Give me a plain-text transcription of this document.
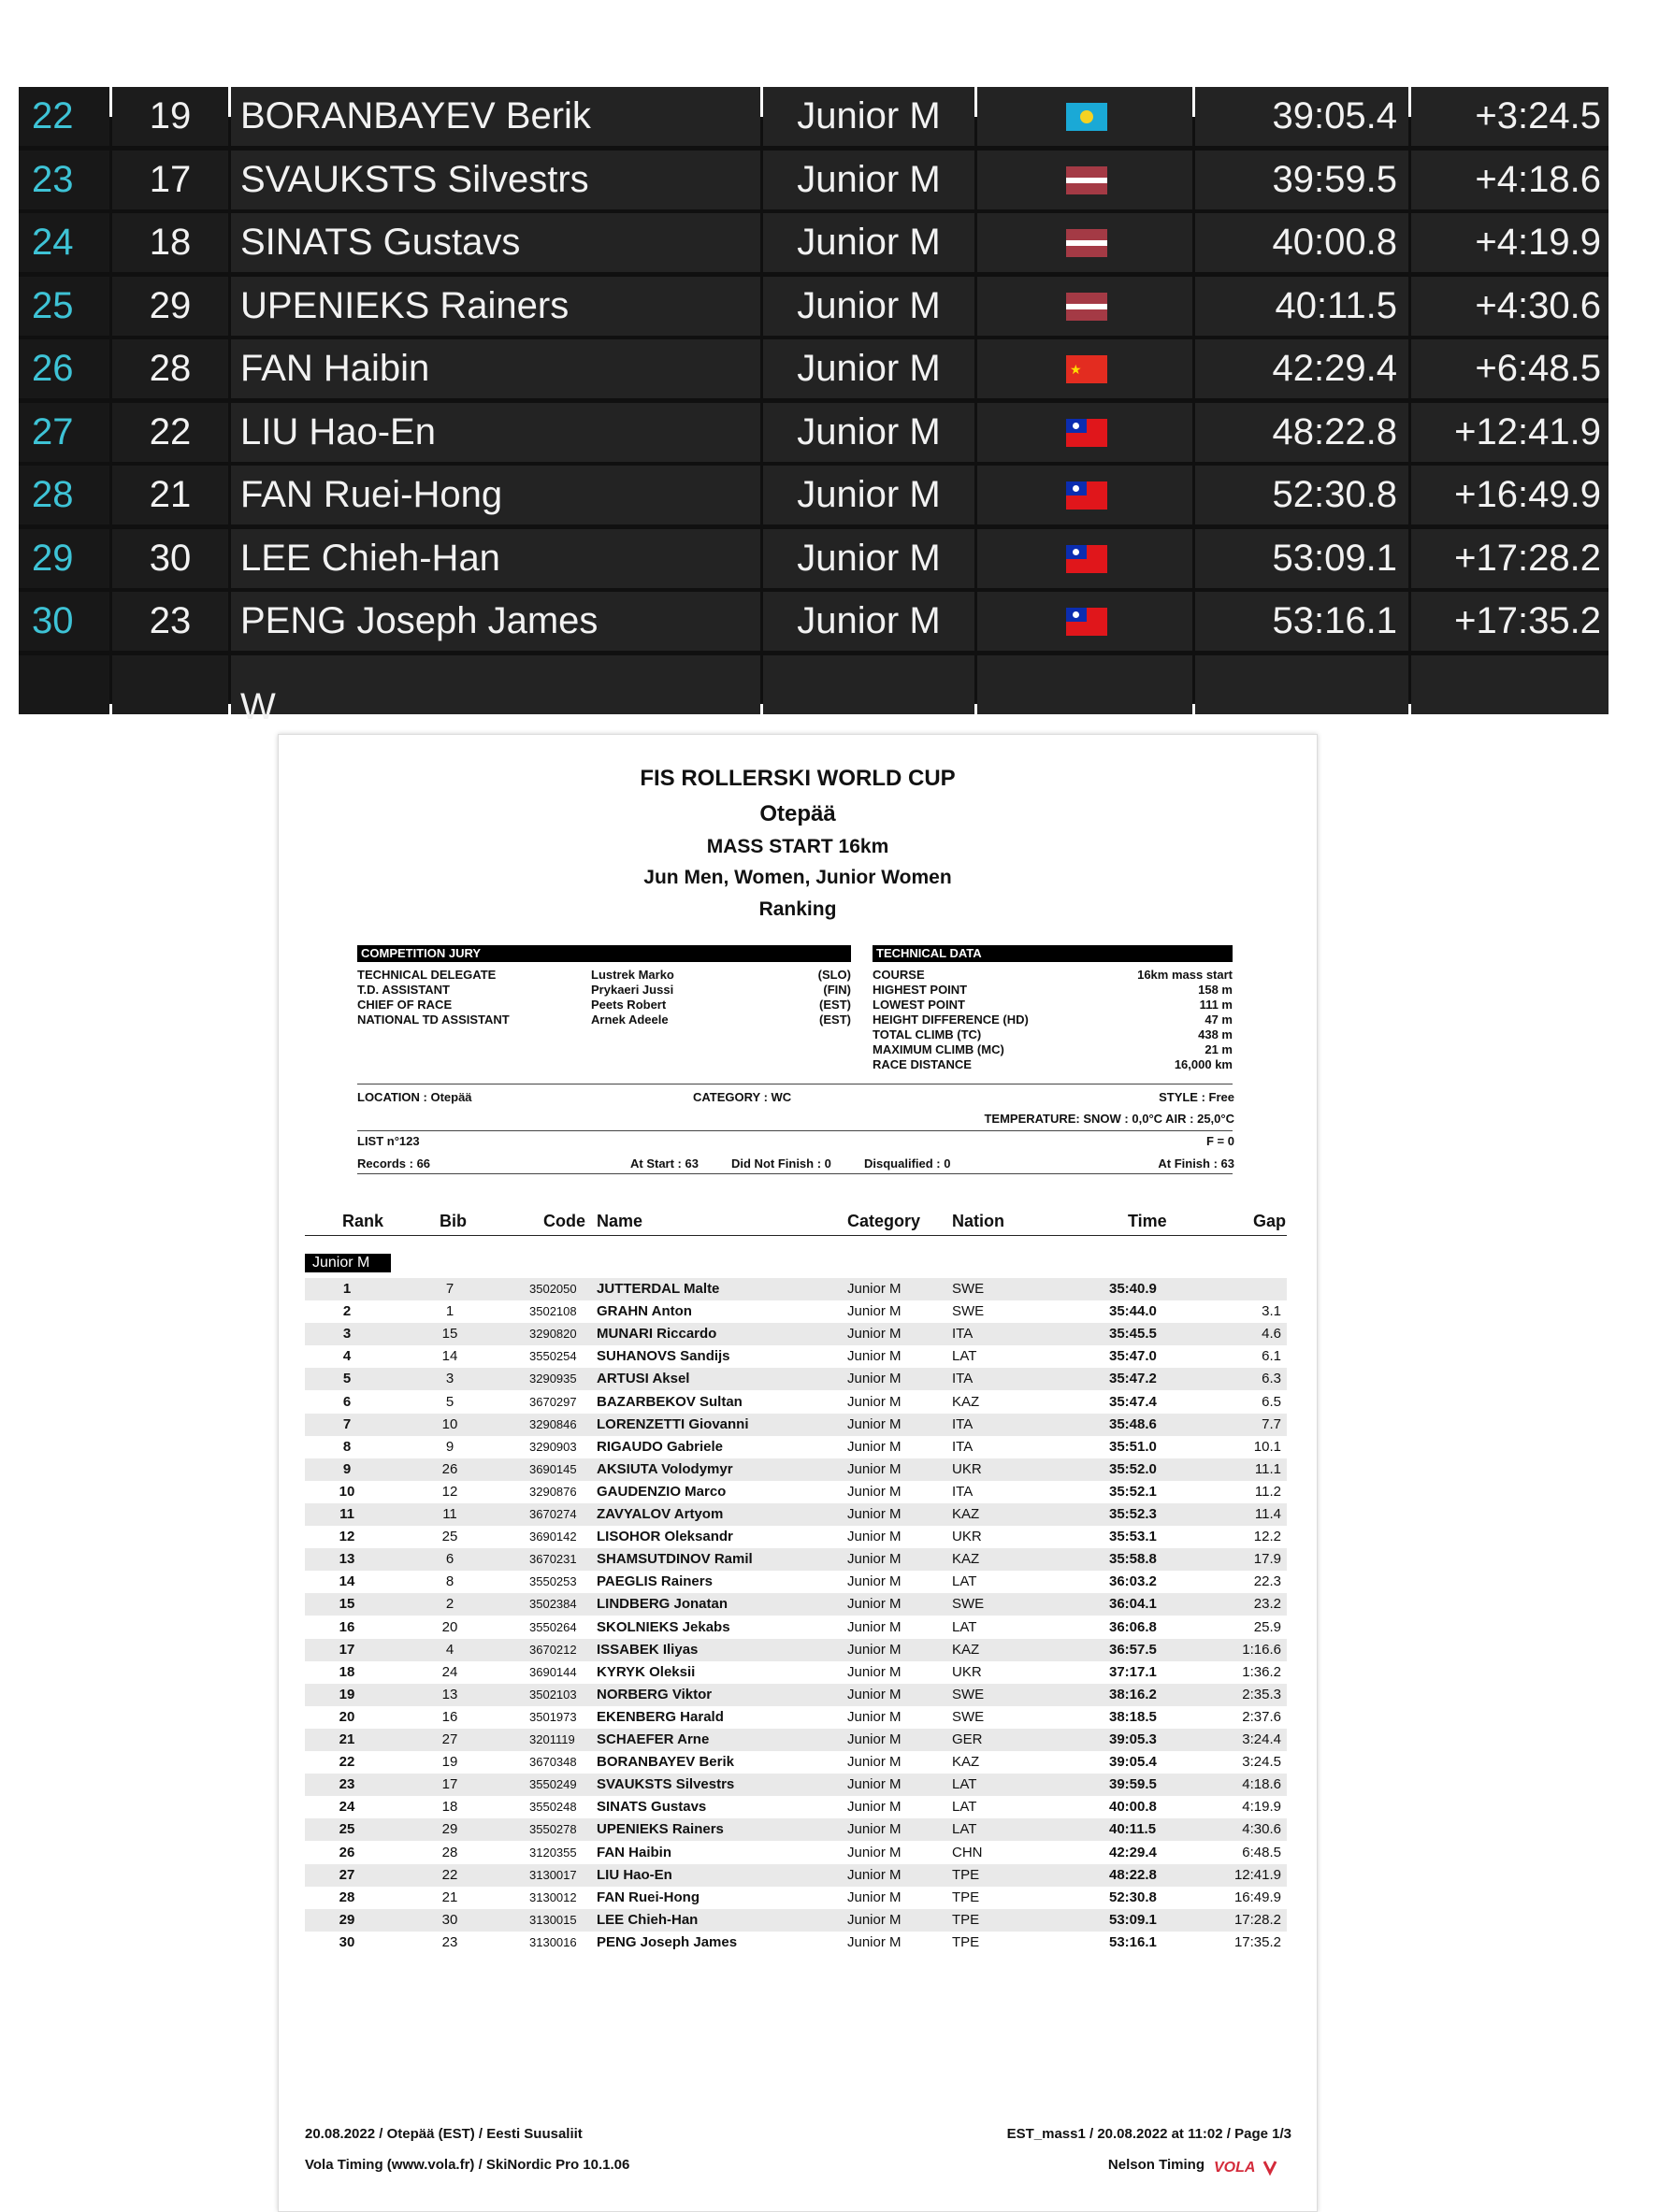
22	19	BORANBAYEV Berik	Junior M	39:05.4	+3:24.5
23	17	SVAUKSTS Silvestrs	Junior M	39:59.5	+4:18.6
24	18	SINATS Gustavs	Junior M	40:00.8	+4:19.9
25	29	UPENIEKS Rainers	Junior M	40:11.5	+4:30.6
26	28	FAN Haibin	Junior M
★	42:29.4	+6:48.5
27	22	LIU Hao-En	Junior M	48:22.8	+12:41.9
28	21	FAN Ruei-Hong	Junior M	52:30.8	+16:49.9
29	30	LEE Chieh-Han	Junior M	53:09.1	+17:28.2
30	23	PENG Joseph James	Junior M	53:16.1	+17:35.2
W
FIS ROLLERSKI WORLD CUP
Otepää
MASS START 16km
Jun Men, Women, Junior Women
Ranking
COMPETITION JURY
TECHNICAL DELEGATE
T.D. ASSISTANT
CHIEF OF RACE
NATIONAL TD ASSISTANT
Lustrek Marko
Prykaeri Jussi
Peets Robert
Arnek Adeele
(SLO)
(FIN)
(EST)
(EST)
TECHNICAL DATA
COURSE
HIGHEST POINT
LOWEST POINT
HEIGHT DIFFERENCE (HD)
TOTAL CLIMB (TC)
MAXIMUM CLIMB (MC)
RACE DISTANCE
16km mass start
158 m
111 m
47 m
438 m
21 m
16,000 km
LOCATION : Otepää	CATEGORY : WC	STYLE : Free
TEMPERATURE: SNOW : 0,0°C AIR : 25,0°C
LIST n°123	F = 0
Records : 66	At Start : 63	Did Not Finish : 0	Disqualified : 0	At Finish : 63
Rank	Bib	Code Name	Category Nation	Time	Gap
Junior M
1	7	3502050 JUTTERDAL Malte	Junior M	SWE	35:40.9
2	1	3502108 GRAHN Anton	Junior M	SWE	35:44.0	3.1
3	15	3290820 MUNARI Riccardo	Junior M	ITA	35:45.5	4.6
4	14	3550254 SUHANOVS Sandijs	Junior M	LAT	35:47.0	6.1
5	3	3290935 ARTUSI Aksel	Junior M	ITA	35:47.2	6.3
6	5	3670297 BAZARBEKOV Sultan	Junior M	KAZ	35:47.4	6.5
7	10	3290846 LORENZETTI Giovanni	Junior M	ITA	35:48.6	7.7
8	9	3290903 RIGAUDO Gabriele	Junior M	ITA	35:51.0	10.1
9	26	3690145 AKSIUTA Volodymyr	Junior M	UKR	35:52.0	11.1
10	12	3290876 GAUDENZIO Marco	Junior M	ITA	35:52.1	11.2
11	11	3670274 ZAVYALOV Artyom	Junior M	KAZ	35:52.3	11.4
12	25	3690142 LISOHOR Oleksandr	Junior M	UKR	35:53.1	12.2
13	6	3670231 SHAMSUTDINOV Ramil	Junior M	KAZ	35:58.8	17.9
14	8	3550253 PAEGLIS Rainers	Junior M	LAT	36:03.2	22.3
15	2	3502384 LINDBERG Jonatan	Junior M	SWE	36:04.1	23.2
16	20	3550264 SKOLNIEKS Jekabs	Junior M	LAT	36:06.8	25.9
17	4	3670212 ISSABEK Iliyas	Junior M	KAZ	36:57.5	1:16.6
18	24	3690144 KYRYK Oleksii	Junior M	UKR	37:17.1	1:36.2
19	13	3502103 NORBERG Viktor	Junior M	SWE	38:16.2	2:35.3
20	16	3501973 EKENBERG Harald	Junior M	SWE	38:18.5	2:37.6
21	27	3201119 SCHAEFER Arne	Junior M	GER	39:05.3	3:24.4
22	19	3670348 BORANBAYEV Berik	Junior M	KAZ	39:05.4	3:24.5
23	17	3550249 SVAUKSTS Silvestrs	Junior M	LAT	39:59.5	4:18.6
24	18	3550248 SINATS Gustavs	Junior M	LAT	40:00.8	4:19.9
25	29	3550278 UPENIEKS Rainers	Junior M	LAT	40:11.5	4:30.6
26	28	3120355 FAN Haibin	Junior M	CHN	42:29.4	6:48.5
27	22	3130017 LIU Hao-En	Junior M	TPE	48:22.8	12:41.9
28	21	3130012 FAN Ruei-Hong	Junior M	TPE	52:30.8	16:49.9
29	30	3130015 LEE Chieh-Han	Junior M	TPE	53:09.1	17:28.2
30	23	3130016 PENG Joseph James	Junior M	TPE	53:16.1	17:35.2
20.08.2022 / Otepää (EST) / Eesti Suusaliit
Vola Timing (www.vola.fr) / SkiNordic Pro 10.1.06
EST_mass1 / 20.08.2022 at 11:02 / Page 1/3
Nelson Timing VOLA
